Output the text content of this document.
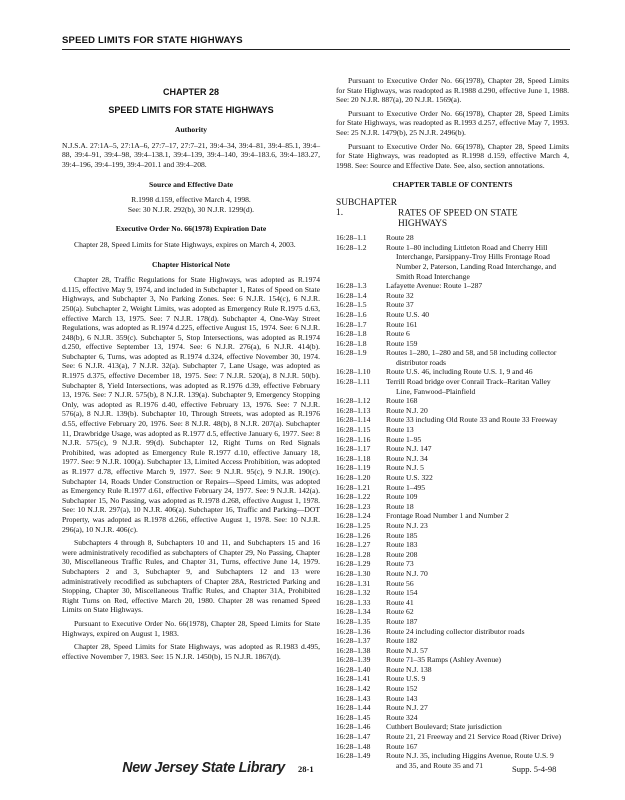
SPEED LIMITS FOR STATE HIGHWAYS
CHAPTER 28
SPEED LIMITS FOR STATE HIGHWAYS
Authority

N.J.S.A. 27:1A–5, 27:1A–6, 27:7–17, 27:7–21, 39:4–34, 39:4–81, 39:4–85.1, 39:4–88, 39:4–91, 39:4–98, 39:4–138.1, 39:4–139, 39:4–140, 39:4–183.6, 39:4–183.27, 39:4–196, 39:4–199, 39:4–201.1 and 39:4–208.

Source and Effective Date
R.1998 d.159, effective March 4, 1998.
See: 30 N.J.R. 292(b), 30 N.J.R. 1299(d).
Executive Order No. 66(1978) Expiration Date

Chapter 28, Speed Limits for State Highways, expires on March 4, 2003.

Chapter Historical Note

Chapter 28, Traffic Regulations for State Highways, was adopted as R.1974 d.115, effective May 9, 1974, and included in Subchapter 1, Rates of Speed on State Highways, and Subchapter 3, No Parking Zones. See: 6 N.J.R. 154(c), 6 N.J.R. 250(a). Subchapter 2, Weight Limits, was adopted as Emergency Rule R.1975 d.63, effective March 13, 1975. See: 7 N.J.R. 178(d). Subchapter 4, One-Way Street Regulations, was adopted as R.1974 d.225, effective August 15, 1974. See: 6 N.J.R. 248(b), 6 N.J.R. 359(c). Subchapter 5, Stop Intersections, was adopted as R.1974 d.250, effective September 13, 1974. See: 6 N.J.R. 276(a), 6 N.J.R. 414(b). Subchapter 6, Turns, was adopted as R.1974 d.324, effective November 30, 1974. See: 6 N.J.R. 413(a), 7 N.J.R. 32(a). Subchapter 7, Lane Usage, was adopted as R.1975 d.375, effective December 18, 1975. See: 7 N.J.R. 520(a), 8 N.J.R. 50(b). Subchapter 8, Yield Intersections, was adopted as R.1976 d.39, effective February 13, 1976. See: 7 N.J.R. 575(b), 8 N.J.R. 139(a). Subchapter 9, Emergency Stopping Only, was adopted as R.1976 d.40, effective February 13, 1976. See: 7 N.J.R. 576(a), 8 N.J.R. 139(b). Subchapter 10, Through Streets, was adopted as R.1976 d.55, effective February 20, 1976. See: 8 N.J.R. 48(b), 8 N.J.R. 207(a). Subchapter 11, Drawbridge Usage, was adopted as R.1977 d.5, effective January 6, 1977. See: 8 N.J.R. 575(c), 9 N.J.R. 99(d). Subchapter 12, Right Turns on Red Signals Prohibited, was adopted as Emergency Rule R.1977 d.10, effective January 18, 1977. See: 9 N.J.R. 100(a). Subchapter 13, Limited Access Prohibition, was adopted as R.1977 d.78, effective March 9, 1977. See: 9 N.J.R. 95(c), 9 N.J.R. 190(c). Subchapter 14, Roads Under Construction or Repairs—Speed Limits, was adopted as Emergency Rule R.1977 d.61, effective February 24, 1977. See: 9 N.J.R. 142(a). Subchapter 15, No Passing, was adopted as R.1978 d.268, effective August 1, 1978. See: 10 N.J.R. 297(a), 10 N.J.R. 406(a). Subchapter 16, Traffic and Parking—DOT Property, was adopted as R.1978 d.266, effective August 1, 1978. See: 10 N.J.R. 296(a), 10 N.J.R. 406(c).

Subchapters 4 through 8, Subchapters 10 and 11, and Subchapters 15 and 16 were administratively recodified as subchapters of Chapter 29, No Passing, Chapter 30, Miscellaneous Traffic Rules, and Chapter 31, Turns, effective June 14, 1979. Subchapters 2 and 3, Subchapter 9, and Subchapters 12 and 13 were administratively recodified as subchapters of Chapter 28A, Restricted Parking and Stopping, Chapter 30, Miscellaneous Traffic Rules, and Chapter 31A, Prohibited Right Turns on Red, effective March 20, 1980. Chapter 28 was renamed Speed Limits on State Highways.

Pursuant to Executive Order No. 66(1978), Chapter 28, Speed Limits for State Highways, expired on August 1, 1983.

Chapter 28, Speed Limits for State Highways, was adopted as R.1983 d.495, effective November 7, 1983. See: 15 N.J.R. 1450(b), 15 N.J.R. 1867(d).

Pursuant to Executive Order No. 66(1978), Chapter 28, Speed Limits for State Highways, was readopted as R.1988 d.290, effective June 1, 1988. See: 20 N.J.R. 887(a), 20 N.J.R. 1569(a).

Pursuant to Executive Order No. 66(1978), Chapter 28, Speed Limits for State Highways, was readopted as R.1993 d.257, effective May 7, 1993. See: 25 N.J.R. 1479(b), 25 N.J.R. 2496(b).

Pursuant to Executive Order No. 66(1978), Chapter 28, Speed Limits for State Highways, was readopted as R.1998 d.159, effective March 4, 1998. See: Source and Effective Date. See, also, section annotations.

CHAPTER TABLE OF CONTENTS
SUBCHAPTER 1.	RATES OF SPEED ON STATE
HIGHWAYS
16:28–1.1	Route 28
16:28–1.2	Route 1–80 including Littleton Road and Cherry Hill
Interchange, Parsippany-Troy Hills Frontage Road
Number 2, Paterson, Landing Road Interchange, and
Smith Road Interchange
16:28–1.3	Lafayette Avenue: Route 1–287
16:28–1.4	Route 32
16:28–1.5	Route 37
16:28–1.6	Route U.S. 40
16:28–1.7	Route 161
16:28–1.8	Route 6
16:28–1.8	Route 159
16:28–1.9	Routes 1–280, 1–280 and 58, and 58 including collector
distributor roads
16:28–1.10	Route U.S. 46, including Route U.S. 1, 9 and 46
16:28–1.11	Terrill Road bridge over Conrail Track–Raritan Valley
Line, Fanwood–Plainfield
16:28–1.12	Route 168
16:28–1.13	Route N.J. 20
16:28–1.14	Route 33 including Old Route 33 and Route 33 Freeway
16:28–1.15	Route 13
16:28–1.16	Route 1–95
16:28–1.17	Route N.J. 147
16:28–1.18	Route N.J. 34
16:28–1.19	Route N.J. 5
16:28–1.20	Route U.S. 322
16:28–1.21	Route 1–495
16:28–1.22	Route 109
16:28–1.23	Route 18
16:28–1.24	Frontage Road Number 1 and Number 2
16:28–1.25	Route N.J. 23
16:28–1.26	Route 185
16:28–1.27	Route 183
16:28–1.28	Route 208
16:28–1.29	Route 73
16:28–1.30	Route N.J. 70
16:28–1.31	Route 56
16:28–1.32	Route 154
16:28–1.33	Route 41
16:28–1.34	Route 62
16:28–1.35	Route 187
16:28–1.36	Route 24 including collector distributor roads
16:28–1.37	Route 182
16:28–1.38	Route N.J. 57
16:28–1.39	Route 71–35 Ramps (Ashley Avenue)
16:28–1.40	Route N.J. 138
16:28–1.41	Route U.S. 9
16:28–1.42	Route 152
16:28–1.43	Route 143
16:28–1.44	Route N.J. 27
16:28–1.45	Route 324
16:28–1.46	Cuthbert Boulevard; State jurisdiction
16:28–1.47	Route 21, 21 Freeway and 21 Service Road (River Drive)
16:28–1.48	Route 167
16:28–1.49	Route N.J. 35, including Higgins Avenue, Route U.S. 9
and 35, and Route 35 and 71
New Jersey State Library 28-1	Supp. 5-4-98
